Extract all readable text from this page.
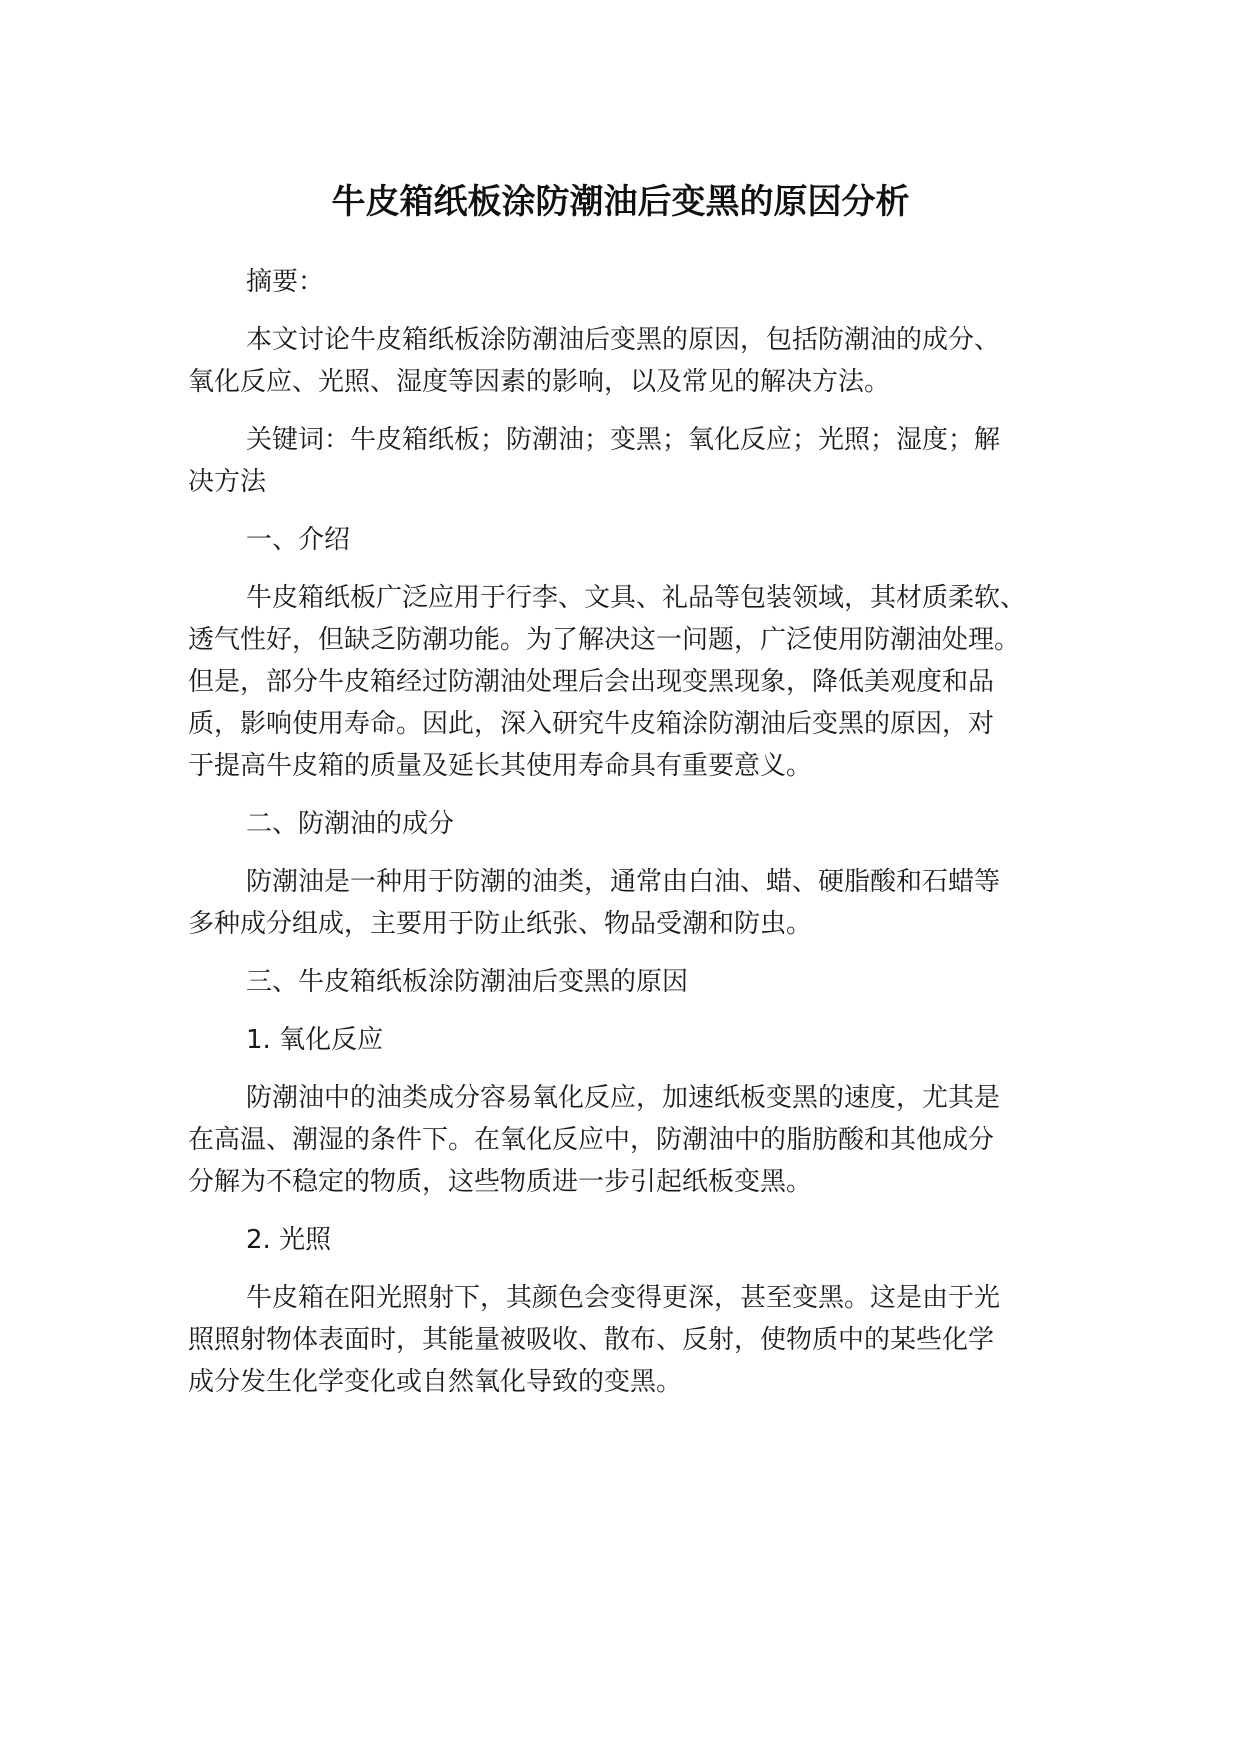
牛皮箱纸板涂防潮油后变黑的原因分析
摘要：
本文讨论牛皮箱纸板涂防潮油后变黑的原因，包括防潮油的成分、
氧化反应、光照、湿度等因素的影响，以及常见的解决方法。
关键词：牛皮箱纸板；防潮油；变黑；氧化反应；光照；湿度；解
决方法
一、介绍
牛皮箱纸板广泛应用于行李、文具、礼品等包装领域，其材质柔软、
透气性好，但缺乏防潮功能。为了解决这一问题，广泛使用防潮油处理。
但是，部分牛皮箱经过防潮油处理后会出现变黑现象，降低美观度和品
质，影响使用寿命。因此，深入研究牛皮箱涂防潮油后变黑的原因，对
于提高牛皮箱的质量及延长其使用寿命具有重要意义。
二、防潮油的成分
防潮油是一种用于防潮的油类，通常由白油、蜡、硬脂酸和石蜡等
多种成分组成，主要用于防止纸张、物品受潮和防虫。
三、牛皮箱纸板涂防潮油后变黑的原因
1. 氧化反应
防潮油中的油类成分容易氧化反应，加速纸板变黑的速度，尤其是
在高温、潮湿的条件下。在氧化反应中，防潮油中的脂肪酸和其他成分
分解为不稳定的物质，这些物质进一步引起纸板变黑。
2. 光照
牛皮箱在阳光照射下，其颜色会变得更深，甚至变黑。这是由于光
照照射物体表面时，其能量被吸收、散布、反射，使物质中的某些化学
成分发生化学变化或自然氧化导致的变黑。
